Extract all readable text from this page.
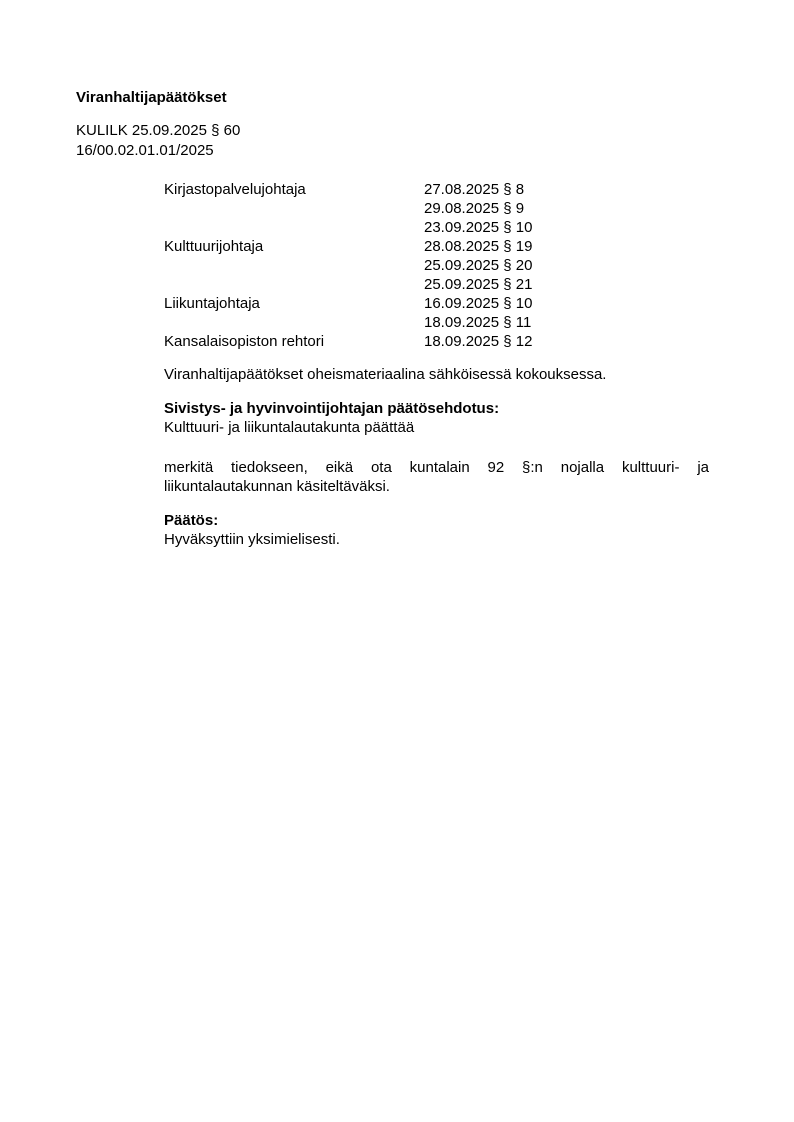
Viranhaltijapäätökset
KULILK 25.09.2025 § 60
16/00.02.01.01/2025
Kirjastopalvelujohtaja	27.08.2025 § 8
29.08.2025 § 9
23.09.2025 § 10
Kulttuurijohtaja	28.08.2025 § 19
25.09.2025 § 20
25.09.2025 § 21
Liikuntajohtaja	16.09.2025 § 10
18.09.2025 § 11
Kansalaisopiston rehtori	18.09.2025 § 12

Viranhaltijapäätökset oheismateriaalina sähköisessä kokouksessa.

Sivistys- ja hyvinvointijohtajan päätösehdotus:

Kulttuuri- ja liikuntalautakunta päättää

merkitä tiedokseen, eikä ota kuntalain 92 §:n nojalla kulttuuri- ja liikuntalautakunnan käsiteltäväksi.

Päätös:

Hyväksyttiin yksimielisesti.
